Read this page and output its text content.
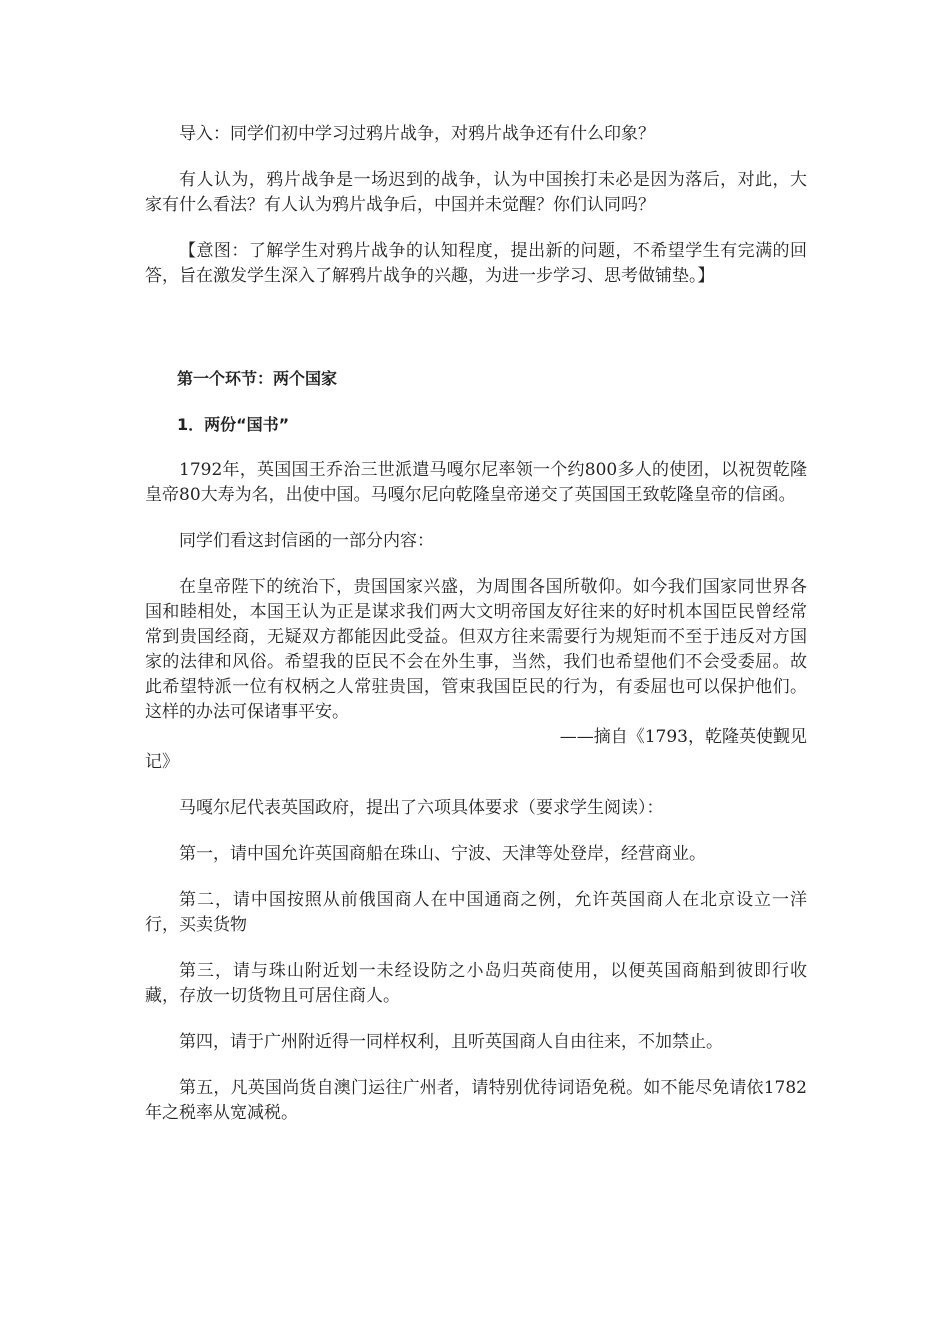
导入：同学们初中学习过鸦片战争，对鸦片战争还有什么印象？

有人认为，鸦片战争是一场迟到的战争，认为中国挨打未必是因为落后，对此，大家有什么看法？有人认为鸦片战争后，中国并未觉醒？你们认同吗？

【意图：了解学生对鸦片战争的认知程度，提出新的问题，不希望学生有完满的回答，旨在激发学生深入了解鸦片战争的兴趣，为进一步学习、思考做铺垫。】

第一个环节：两个国家

1．两份“国书”

1792年，英国国王乔治三世派遣马嘎尔尼率领一个约800多人的使团，以祝贺乾隆皇帝80大寿为名，出使中国。马嘎尔尼向乾隆皇帝递交了英国国王致乾隆皇帝的信函。

同学们看这封信函的一部分内容：

在皇帝陛下的统治下，贵国国家兴盛，为周围各国所敬仰。如今我们国家同世界各国和睦相处，本国王认为正是谋求我们两大文明帝国友好往来的好时机本国臣民曾经常常到贵国经商，无疑双方都能因此受益。但双方往来需要行为规矩而不至于违反对方国家的法律和风俗。希望我的臣民不会在外生事，当然，我们也希望他们不会受委屈。故此希望特派一位有权柄之人常驻贵国，管束我国臣民的行为，有委屈也可以保护他们。这样的办法可保诸事平安。

——摘自《1793，乾隆英使觐见

记》

马嘎尔尼代表英国政府，提出了六项具体要求（要求学生阅读）：

第一，请中国允许英国商船在珠山、宁波、天津等处登岸，经营商业。

第二，请中国按照从前俄国商人在中国通商之例，允许英国商人在北京设立一洋行，买卖货物

第三，请与珠山附近划一未经设防之小岛归英商使用，以便英国商船到彼即行收藏，存放一切货物且可居住商人。

第四，请于广州附近得一同样权利，且听英国商人自由往来，不加禁止。

第五，凡英国尚货自澳门运往广州者，请特别优待词语免税。如不能尽免请依1782年之税率从宽减税。
